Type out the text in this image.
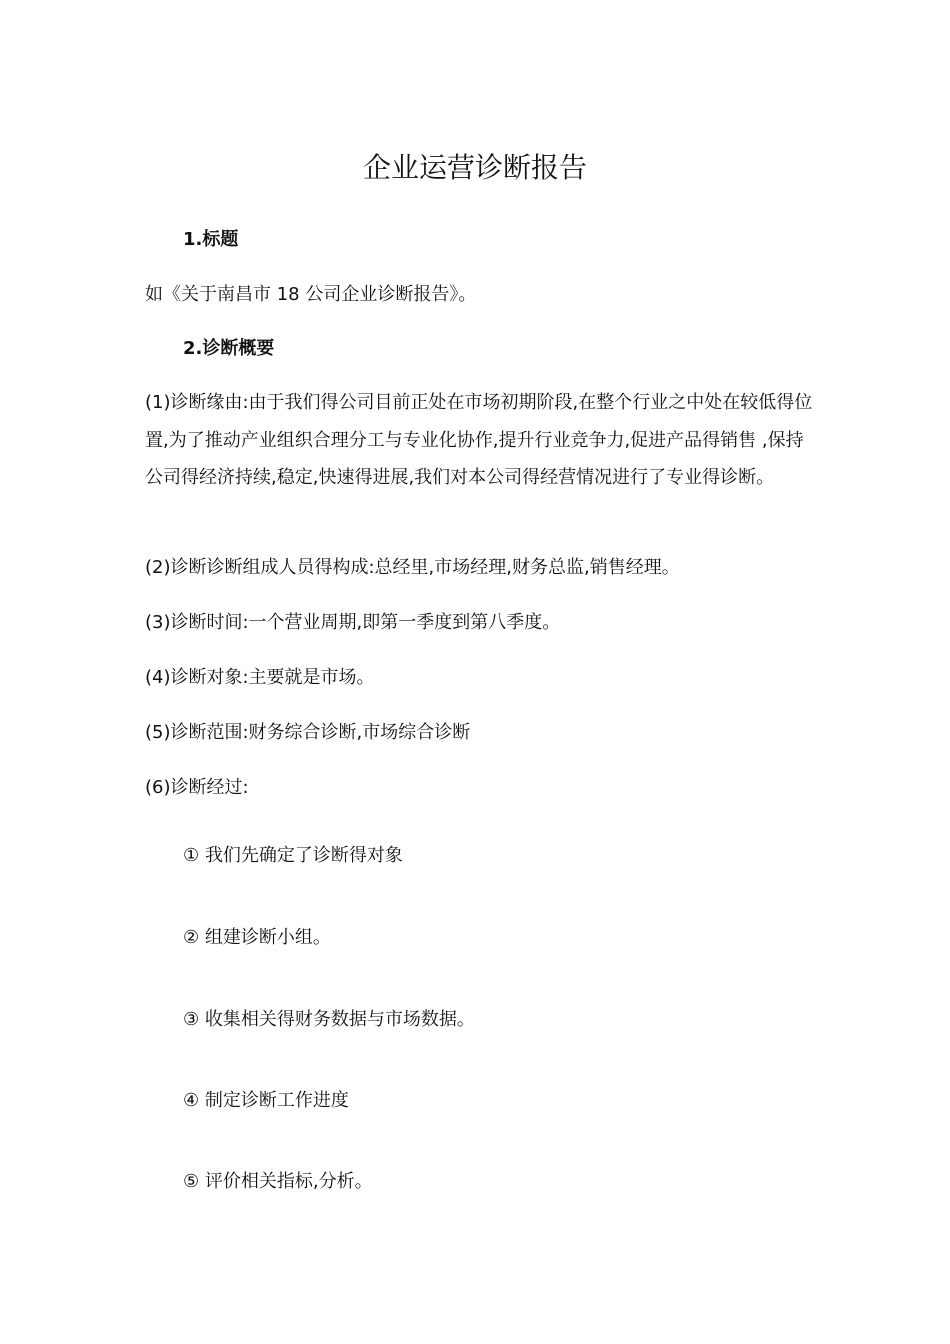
企业运营诊断报告

1.标题

如《关于南昌市 18 公司企业诊断报告》。

2.诊断概要

(1)诊断缘由:由于我们得公司目前正处在市场初期阶段,在整个行业之中处在较低得位置,为了推动产业组织合理分工与专业化协作,提升行业竞争力,促进产品得销售 ,保持公司得经济持续,稳定,快速得进展,我们对本公司得经营情况进行了专业得诊断。

(2)诊断诊断组成人员得构成:总经里,市场经理,财务总监,销售经理。

(3)诊断时间:一个营业周期,即第一季度到第八季度。

(4)诊断对象:主要就是市场。

(5)诊断范围:财务综合诊断,市场综合诊断

(6)诊断经过:

① 我们先确定了诊断得对象

② 组建诊断小组。

③ 收集相关得财务数据与市场数据。

④ 制定诊断工作进度

⑤ 评价相关指标,分析。
